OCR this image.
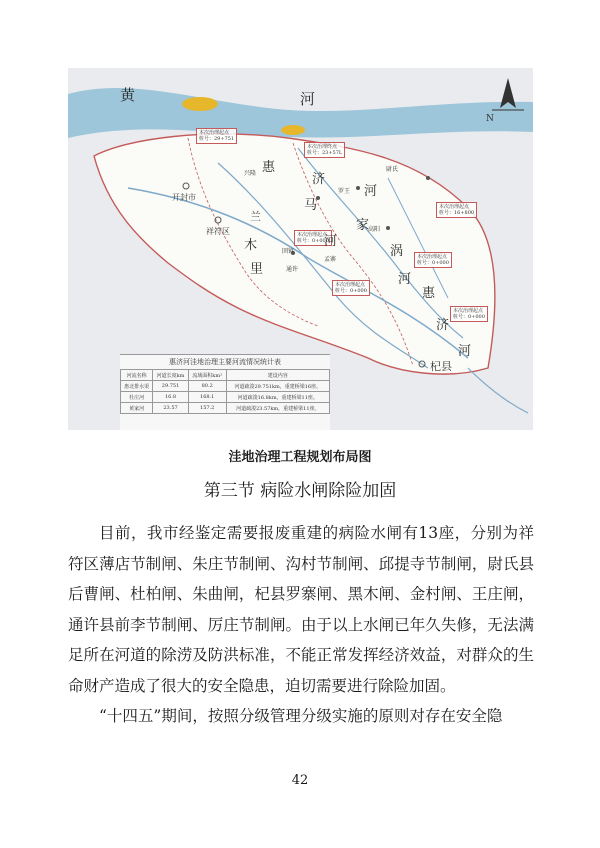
黄	河
N
开封市
祥符区
杞县
兰
本次治理起点
桩号：29+751
本次治理终点
桩号：23+57L
本次治理起点
桩号：16+800
本次治理起点
桩号：0+000
本次治理起点
桩号：0+000
本次治理起点
桩号：0+000
本次治理起点
桩号：0+000
惠
济
河
马
家
河
涡
河
惠
济
河
木
里
兴隆
罗王
尉氏
通许
孟寨
高阳
圉镇
惠济河洼地治理主要河流情况统计表
河流名称	河道长度km	流域面积km²	建设内容
惠北排水渠	29.751	80.2	河道疏浚29.751km，重建桥梁16座。
杜庄河	16.8	168.1	河道疏浚16.8km，重建桥梁11座。
黄家河	23.57	157.2	河道疏浚23.57km，重建桥梁11座。
洼地治理工程规划布局图
第三节 病险水闸除险加固

目前，我市经鉴定需要报废重建的病险水闸有13座，分别为祥符区薄店节制闸、朱庄节制闸、沟村节制闸、邱提寺节制闸，尉氏县后曹闸、杜柏闸、朱曲闸，杞县罗寨闸、黑木闸、金村闸、王庄闸，通许县前李节制闸、厉庄节制闸。由于以上水闸已年久失修，无法满足所在河道的除涝及防洪标准，不能正常发挥经济效益，对群众的生命财产造成了很大的安全隐患，迫切需要进行除险加固。

“十四五”期间，按照分级管理分级实施的原则对存在安全隐

42
